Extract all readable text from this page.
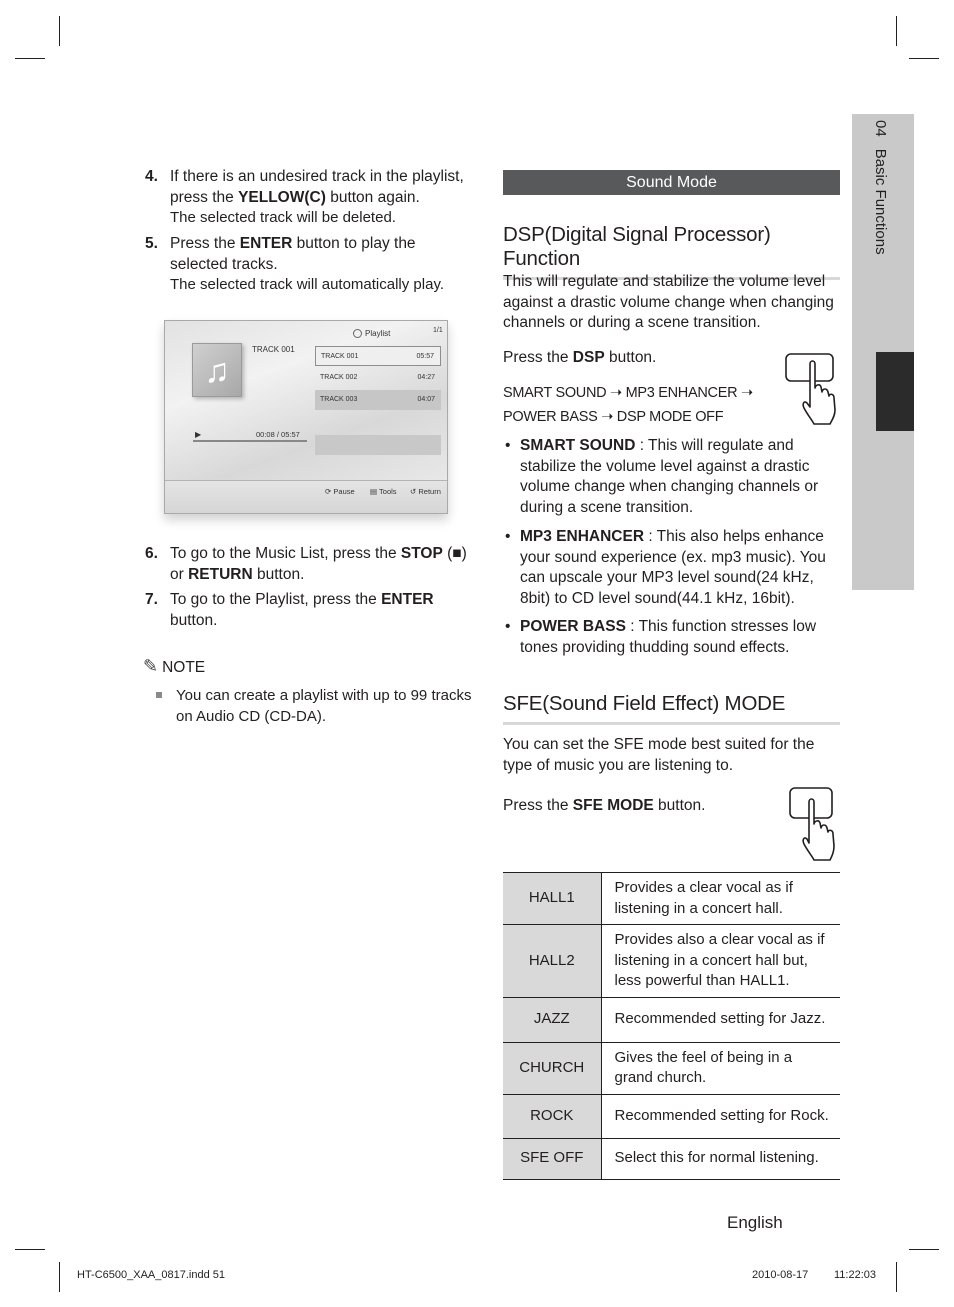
04Basic Functions
4. If there is an undesired track in the playlist, press the YELLOW(C) button again.
The selected track will be deleted.
5. Press the ENTER button to play the selected tracks.
The selected track will automatically play.
♫
TRACK 001
Playlist	1/1
TRACK 001	05:57
TRACK 002	04:27
TRACK 003	04:07
▶	00:08 / 05:57
⟳ Pause ▤ Tools ↺ Return
6. To go to the Music List, press the STOP (■) or RETURN button.
7. To go to the Playlist, press the ENTER button.
✎ NOTE
You can create a playlist with up to 99 tracks on Audio CD (CD-DA).
Sound Mode
DSP(Digital Signal Processor) Function
This will regulate and stabilize the volume level against a drastic volume change when changing channels or during a scene transition.
Press the DSP button.
SMART SOUND ➝ MP3 ENHANCER ➝
POWER BASS ➝ DSP MODE OFF
• SMART SOUND : This will regulate and stabilize the volume level against a drastic volume change when changing channels or during a scene transition.
• MP3 ENHANCER : This also helps enhance your sound experience (ex. mp3 music). You can upscale your MP3 level sound(24 kHz, 8bit) to CD level sound(44.1 kHz, 16bit).
• POWER BASS : This function stresses low tones providing thudding sound effects.
SFE(Sound Field Effect) MODE
You can set the SFE mode best suited for the type of music you are listening to.
Press the SFE MODE button.
HALL1	Provides a clear vocal as if listening in a concert hall.
HALL2	Provides also a clear vocal as if listening in a concert hall but, less powerful than HALL1.
JAZZ	Recommended setting for Jazz.
CHURCH	Gives the feel of being in a grand church.
ROCK	Recommended setting for Rock.
SFE OFF	Select this for normal listening.
English
HT-C6500_XAA_0817.indd 51	2010-08-17 11:22:03
